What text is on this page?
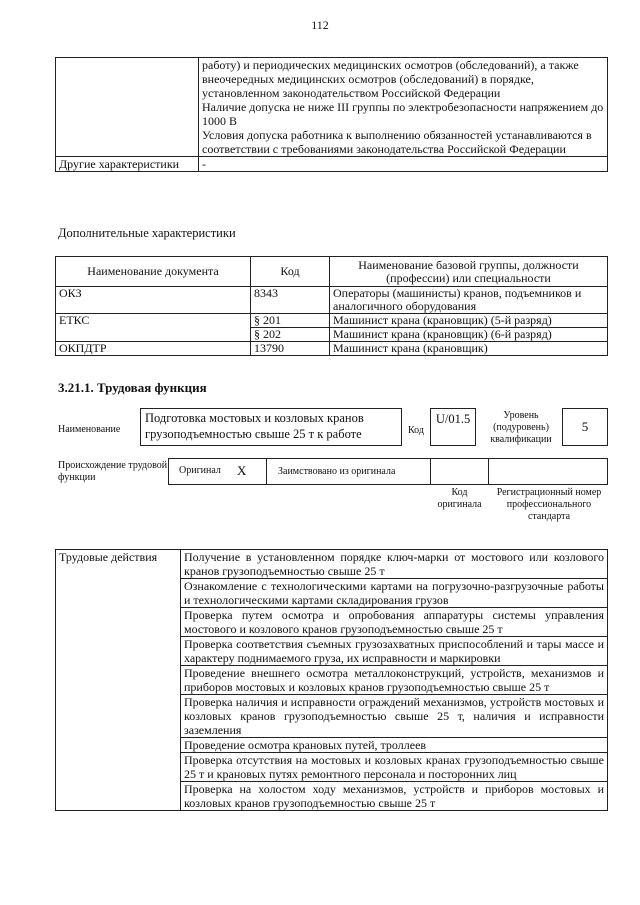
112

	работу) и периодических медицинских осмотров (обследований), а также внеочередных медицинских осмотров (обследований) в порядке, установленном законодательством Российской Федерации
Наличие допуска не ниже III группы по электробезопасности напряжением до 1000 В
Условия допуска работника к выполнению обязанностей устанавливаются в соответствии с требованиями законодательства Российской Федерации

Другие характеристики	-
Дополнительные характеристики
Наименование документа	Код	Наименование базовой группы, должности (профессии) или специальности
ОКЗ	8343	Операторы (машинисты) кранов, подъемников и аналогичного оборудования
ЕТКС	§ 201	Машинист крана (крановщик) (5-й разряд)
	§ 202	Машинист крана (крановщик) (6-й разряд)
ОКПДТР	13790	Машинист крана (крановщик)
3.21.1. Трудовая функция
Наименование
Подготовка мостовых и козловых кранов грузоподъемностью свыше 25 т к работе	Код
U/01.5	Уровень (подуровень) квалификации
5
Происхождение трудовой функции
Оригинал X	Заимствовано из оригинала
Код оригинала
Регистрационный номер профессионального стандарта
Трудовые действия	Получение в установленном порядке ключ-марки от мостового или козлового кранов грузоподъемностью свыше 25 т
Ознакомление с технологическими картами на погрузочно-разгрузочные работы и технологическими картами складирования грузов
Проверка путем осмотра и опробования аппаратуры системы управления мостового и козлового кранов грузоподъемностью свыше 25 т
Проверка соответствия съемных грузозахватных приспособлений и тары массе и характеру поднимаемого груза, их исправности и маркировки
Проведение внешнего осмотра металлоконструкций, устройств, механизмов и приборов мостовых и козловых кранов грузоподъемностью свыше 25 т
Проверка наличия и исправности ограждений механизмов, устройств мостовых и козловых кранов грузоподъемностью свыше 25 т, наличия и исправности заземления
Проведение осмотра крановых путей, троллеев
Проверка отсутствия на мостовых и козловых кранах грузоподъемностью свыше 25 т и крановых путях ремонтного персонала и посторонних лиц
Проверка на холостом ходу механизмов, устройств и приборов мостовых и козловых кранов грузоподъемностью свыше 25 т
